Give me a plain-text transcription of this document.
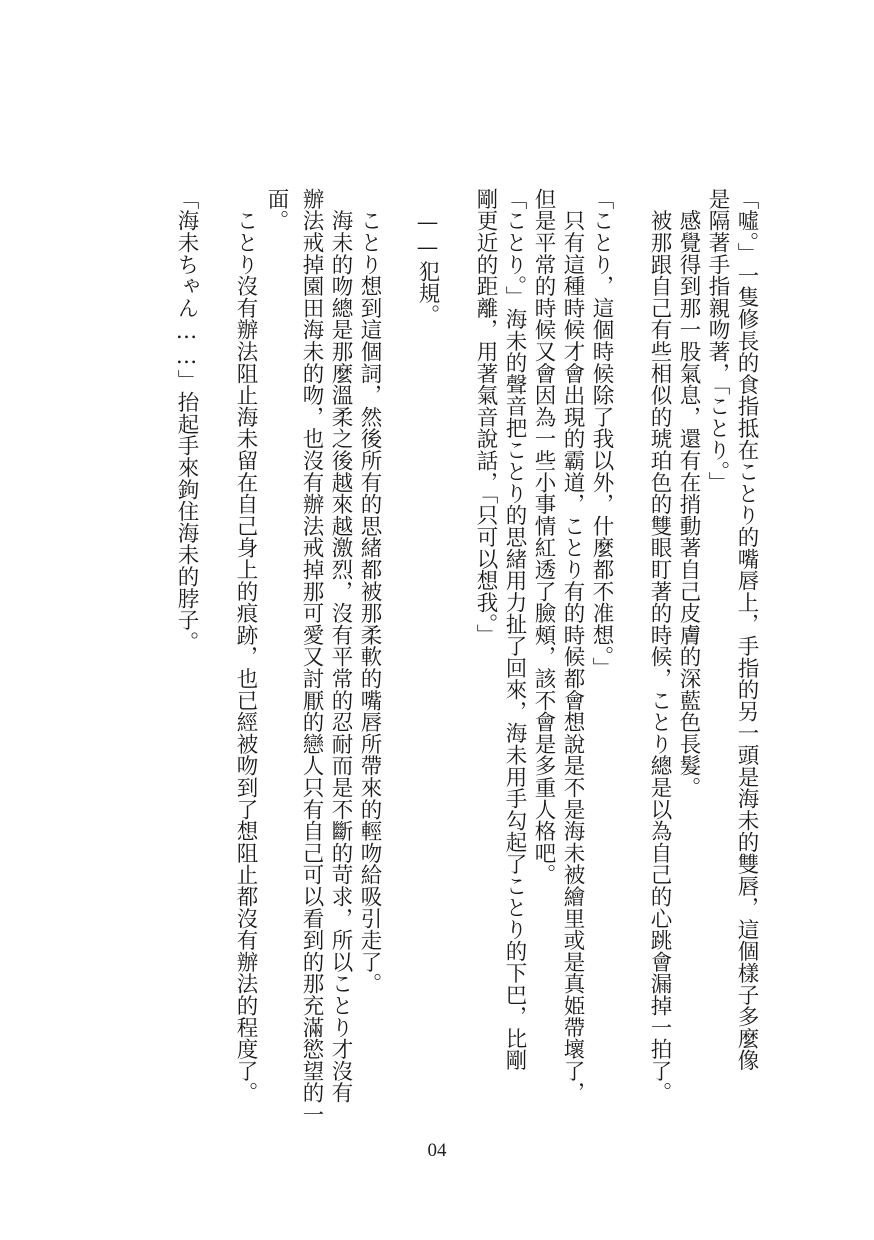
「噓。」一隻修長的食指抵在ことり的嘴唇上，手指的另一頭是海未的雙唇，這個樣子多麼像
是隔著手指親吻著，「ことり。」
　感覺得到那一股氣息，還有在捎動著自己皮膚的深藍色長髮。
　被那跟自己有些相似的琥珀色的雙眼盯著的時候，ことり總是以為自己的心跳會漏掉一拍了。
「ことり，這個時候除了我以外，什麼都不准想。」
　只有這種時候才會出現的霸道，ことり有的時候都會想說是不是海未被繪里或是真姫帶壞了，
但是平常的時候又會因為一些小事情紅透了臉頰，該不會是多重人格吧。
「ことり。」海未的聲音把ことり的思緒用力扯了回來，海未用手勾起了ことり的下巴，比剛
剛更近的距離，用著氣音說話，「只可以想我。」
　——犯規。
　ことり想到這個詞，然後所有的思緒都被那柔軟的嘴唇所帶來的輕吻給吸引走了。
　海未的吻總是那麼溫柔之後越來越激烈，沒有平常的忍耐而是不斷的苛求，所以ことり才沒有
辦法戒掉園田海未的吻，也沒有辦法戒掉那可愛又討厭的戀人只有自己可以看到的那充滿慾望的一
面。
　ことり沒有辦法阻止海未留在自己身上的痕跡，也已經被吻到了想阻止都沒有辦法的程度了。
「海未ちゃん……」抬起手來鉤住海未的脖子。
04
